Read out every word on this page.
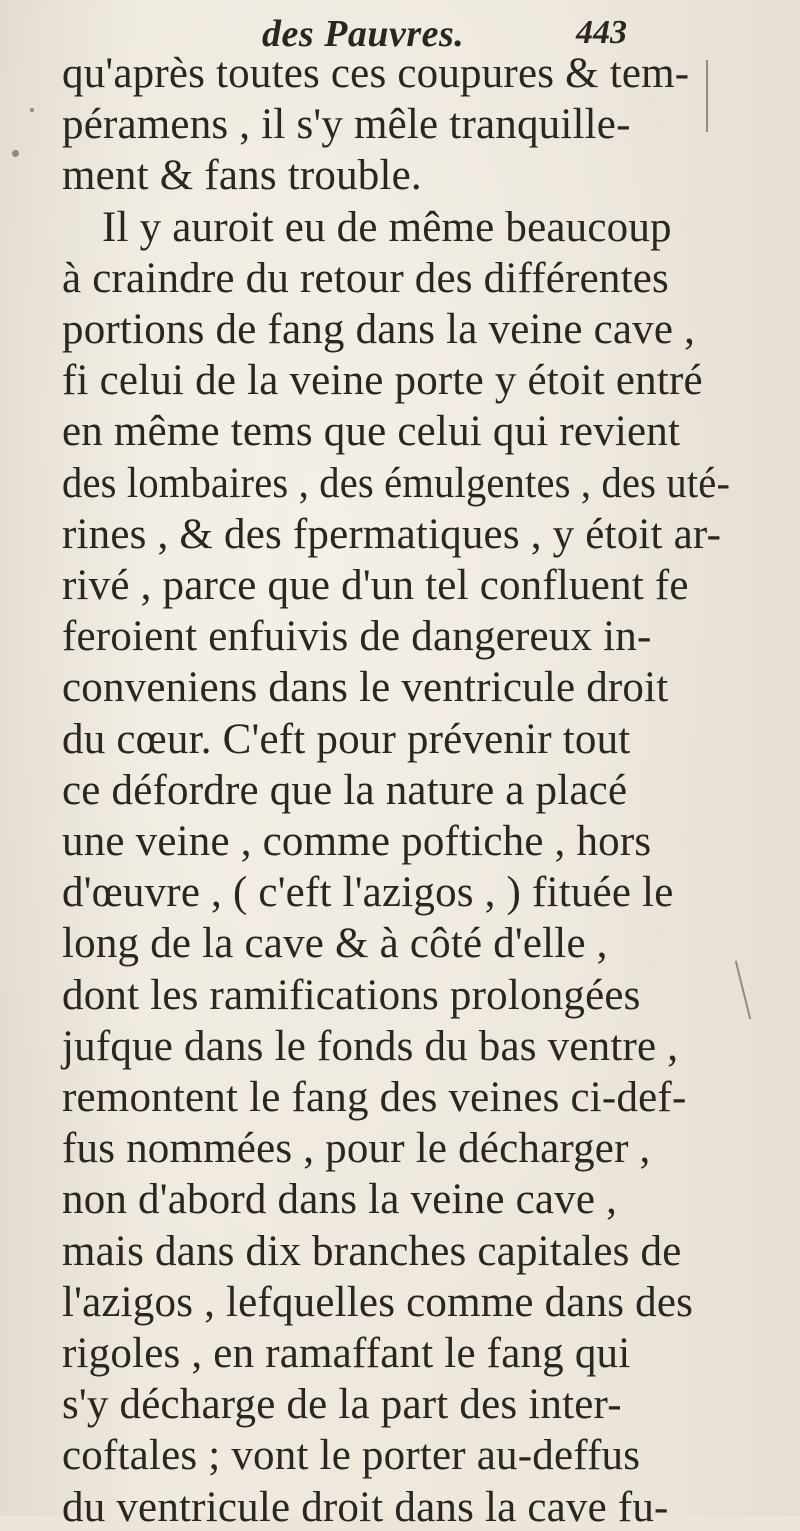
des Pauvres.	443
qu'après toutes ces coupures & tem-
péramens , il s'y mêle tranquille-
ment & fans trouble.
Il y auroit eu de même beaucoup
à craindre du retour des différentes
portions de fang dans la veine cave ,
fi celui de la veine porte y étoit entré
en même tems que celui qui revient
des lombaires , des émulgentes , des uté-
rines , & des fpermatiques , y étoit ar-
rivé , parce que d'un tel confluent fe
feroient enfuivis de dangereux in-
conveniens dans le ventricule droit
du cœur. C'eft pour prévenir tout
ce défordre que la nature a placé
une veine , comme poftiche , hors
d'œuvre , ( c'eft l'azigos , ) fituée le
long de la cave & à côté d'elle ,
dont les ramifications prolongées
jufque dans le fonds du bas ventre ,
remontent le fang des veines ci-def-
fus nommées , pour le décharger ,
non d'abord dans la veine cave ,
mais dans dix branches capitales de
l'azigos , lefquelles comme dans des
rigoles , en ramaffant le fang qui
s'y décharge de la part des inter-
coftales ; vont le porter au-deffus
du ventricule droit dans la cave fu-
